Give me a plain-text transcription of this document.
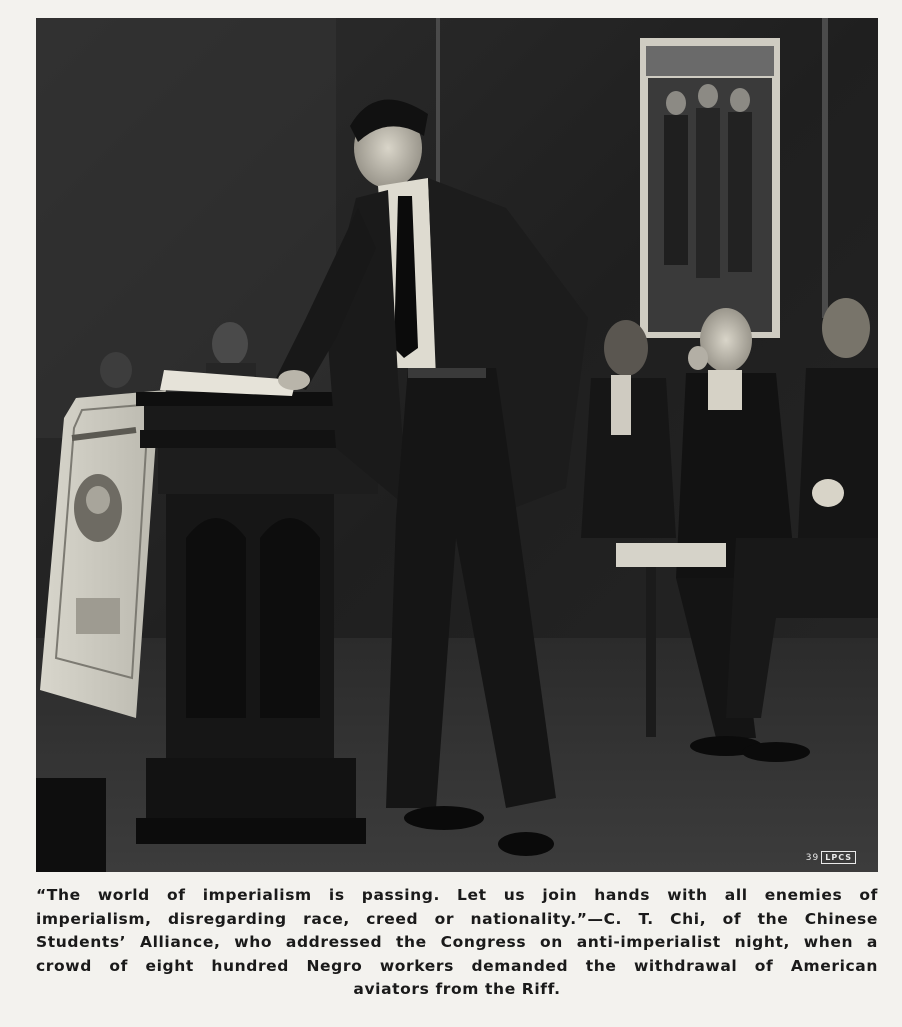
39 LPCS
“The world of imperialism is passing. Let us join hands with all enemies of
imperialism, disregarding race, creed or nationality.”—C. T. Chi, of the Chinese
Students’ Alliance, who addressed the Congress on anti-imperialist night, when a
crowd of eight hundred Negro workers demanded the withdrawal of American
aviators from the Riff.
